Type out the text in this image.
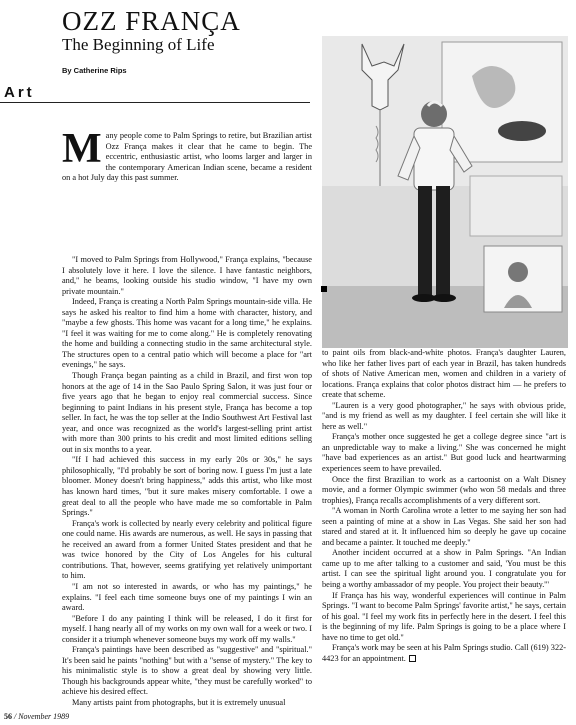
OZZ FRANÇA
The Beginning of Life
By Catherine Rips
Art

Many people come to Palm Springs to retire, but Brazilian artist Ozz França makes it clear that he came to begin. The eccentric, enthusiastic artist, who looms larger and larger in the contemporary American Indian scene, became a resident on a hot July day this past summer.

"I moved to Palm Springs from Hollywood," França explains, "because I absolutely love it here. I love the silence. I have fantastic neighbors, and," he beams, looking outside his studio window, "I have my own private mountain."

Indeed, França is creating a North Palm Springs mountain-side villa. He says he asked his realtor to find him a home with character, history, and "maybe a few ghosts. This home was vacant for a long time," he explains. "I feel it was waiting for me to come along." He is completely renovating the home and building a connecting studio in the same architectural style. The structures open to a central patio which will become a place for "art evenings," he says.

Though França began painting as a child in Brazil, and first won top honors at the age of 14 in the Sao Paulo Spring Salon, it was just four or five years ago that he began to enjoy real commercial success. Since beginning to paint Indians in his present style, França has become a top seller. In fact, he was the top seller at the Indio Southwest Art Festival last year, and once was recognized as the world's largest-selling print artist with more than 300 prints to his credit and most limited editions selling out in six months to a year.

"If I had achieved this success in my early 20s or 30s," he says philosophically, "I'd probably be sort of boring now. I guess I'm just a late bloomer. Money doesn't bring happiness," adds this artist, who like most has known hard times, "but it sure makes misery comfortable. I owe a great deal to all the people who have made me so comfortable in Palm Springs."

França's work is collected by nearly every celebrity and political figure one could name. His awards are numerous, as well. He says in passing that he received an award from a former United States president and that he was twice honored by the City of Los Angeles for his cultural contributions. That, however, seems gratifying yet relatively unimportant to him.

"I am not so interested in awards, or who has my paintings," he explains. "I feel each time someone buys one of my paintings I win an award.

"Before I do any painting I think will be released, I do it first for myself. I hang nearly all of my works on my own wall for a week or two. I consider it a triumph whenever someone buys my work off my walls."

França's paintings have been described as "suggestive" and "spiritual." It's been said he paints "nothing" but with a "sense of mystery." The key to his minimalistic style is to show a great deal by showing very little. Though his backgrounds appear white, "they must be carefully worked" to achieve his desired effect.

Many artists paint from photographs, but it is extremely unusual

to paint oils from black-and-white photos. França's daughter Lauren, who like her father lives part of each year in Brazil, has taken hundreds of shots of Native American men, women and children in a variety of locations. França explains that color photos distract him — he prefers to create that scheme.

"Lauren is a very good photographer," he says with obvious pride, "and is my friend as well as my daughter. I feel certain she will like it here as well."

França's mother once suggested he get a college degree since "art is an unpredictable way to make a living." She was concerned he might "have bad experiences as an artist." But good luck and heartwarming experiences seem to have prevailed.

Once the first Brazilian to work as a cartoonist on a Walt Disney movie, and a former Olympic swimmer (who won 58 medals and three trophies), França recalls accomplishments of a very different sort.

"A woman in North Carolina wrote a letter to me saying her son had seen a painting of mine at a show in Las Vegas. She said her son had stared and stared at it. It influenced him so deeply he gave up cocaine and became a painter. It touched me deeply."

Another incident occurred at a show in Palm Springs. "An Indian came up to me after talking to a customer and said, 'You must be this artist. I can see the spiritual light around you. I congratulate you for being a worthy ambassador of my people. You project their beauty.'"

If França has his way, wonderful experiences will continue in Palm Springs. "I want to become Palm Springs' favorite artist," he says, certain of his goal. "I feel my work fits in perfectly here in the desert. I feel this is the beginning of my life. Palm Springs is going to be a place where I have no time to get old."

França's work may be seen at his Palm Springs studio. Call (619) 322-4423 for an appointment.

56 / November 1989
